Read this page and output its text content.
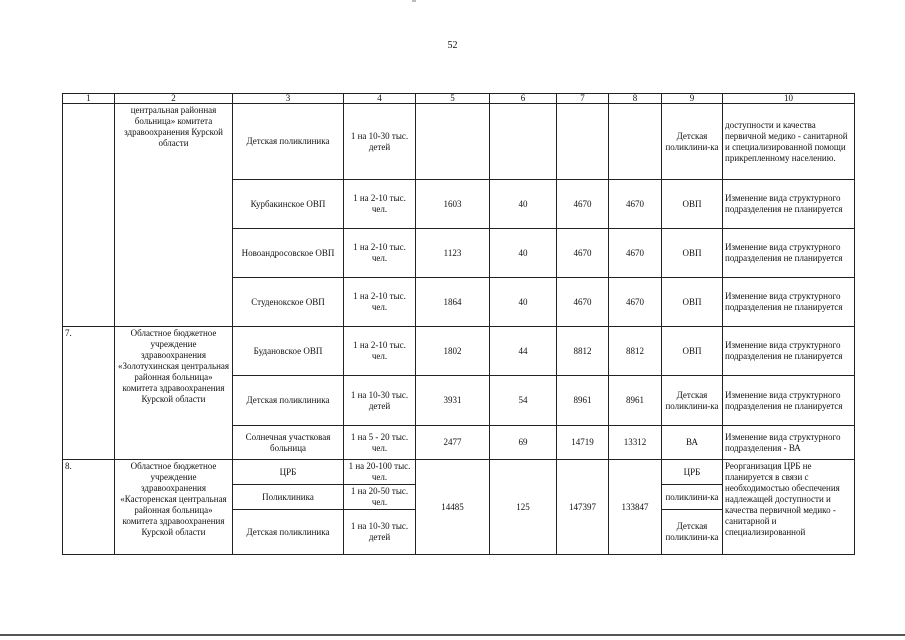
52
1	2	3	4	5	6	7	8	9	10
	центральная районная больница» комитета здравоохранения Курской области	Детская поликлиника	1 на 10-30 тыс. детей					Детская поликлини-ка	доступности и качества первичной медико - санитарной и специализированной помощи прикрепленному населению.
		Курбакинское ОВП	1 на 2-10 тыс. чел.	1603	40	4670	4670	ОВП	Изменение вида структурного подразделения не планируется
		Новоандросовское ОВП	1 на 2-10 тыс. чел.	1123	40	4670	4670	ОВП	Изменение вида структурного подразделения не планируется
		Студенокское ОВП	1 на 2-10 тыс. чел.	1864	40	4670	4670	ОВП	Изменение вида структурного подразделения не планируется
7.	Областное бюджетное учреждение здравоохранения «Золотухинская центральная районная больница» комитета здравоохранения Курской области	Будановское ОВП	1 на 2-10 тыс. чел.	1802	44	8812	8812	ОВП	Изменение вида структурного подразделения не планируется
		Детская поликлиника	1 на 10-30 тыс. детей	3931	54	8961	8961	Детская поликлини-ка	Изменение вида структурного подразделения не планируется
		Солнечная участковая больница	1 на 5 - 20 тыс. чел.	2477	69	14719	13312	ВА	Изменение вида структурного подразделения - ВА
8.	Областное бюджетное учреждение здравоохранения «Касторенская центральная районная больница» комитета здравоохранения Курской области	ЦРБ	1 на 20-100 тыс. чел.	14485	125	147397	133847	ЦРБ	Реорганизация ЦРБ не планируется в связи с необходимостью обеспечения надлежащей доступности и качества первичной медико - санитарной и специализированной
		Поликлиника	1 на 20-50 тыс. чел.					поликлини-ка	
		Детская поликлиника	1 на 10-30 тыс. детей					Детская поликлини-ка	
